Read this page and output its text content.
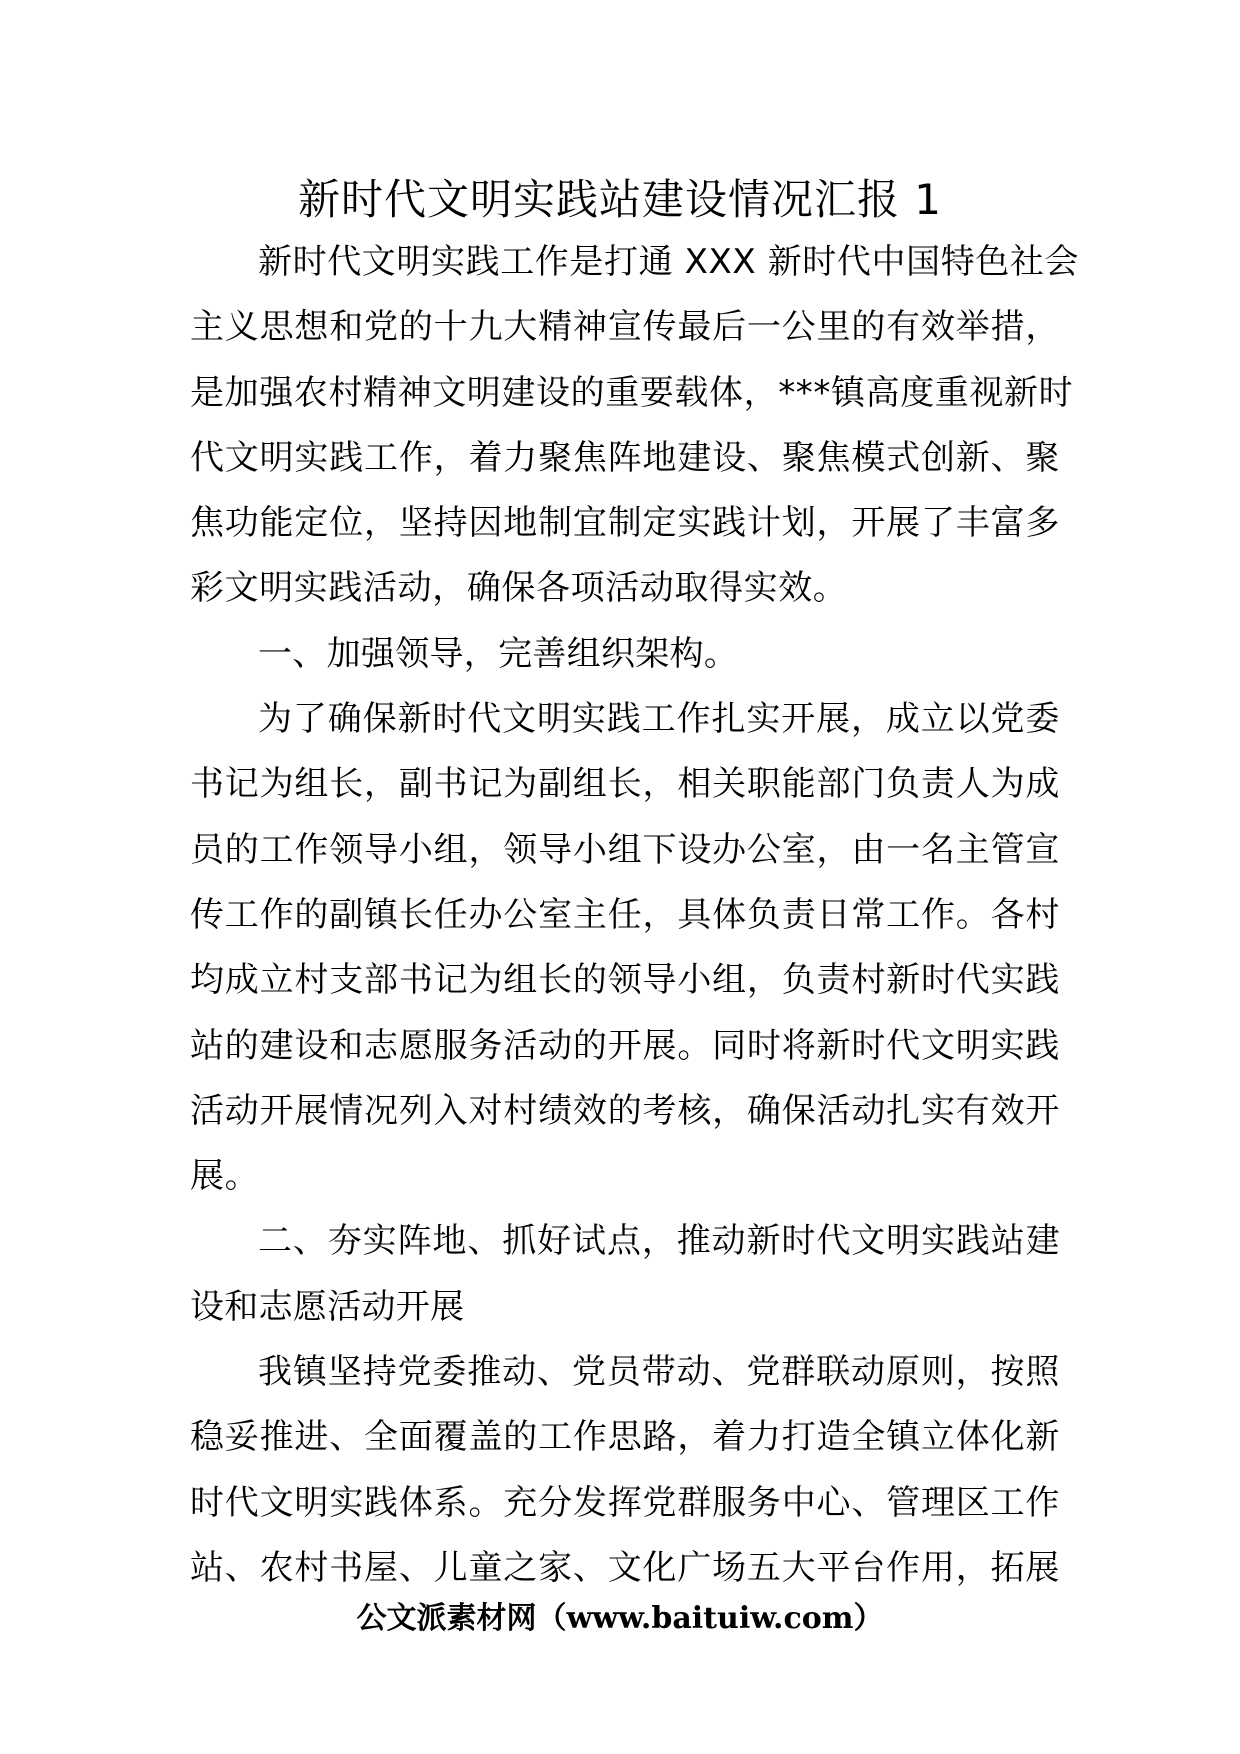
新时代文明实践站建设情况汇报 1
新时代文明实践工作是打通 XXX 新时代中国特色社会
主义思想和党的十九大精神宣传最后一公里的有效举措，
是加强农村精神文明建设的重要载体，***镇高度重视新时
代文明实践工作，着力聚焦阵地建设、聚焦模式创新、聚
焦功能定位，坚持因地制宜制定实践计划，开展了丰富多
彩文明实践活动，确保各项活动取得实效。
一、加强领导，完善组织架构。
为了确保新时代文明实践工作扎实开展，成立以党委
书记为组长，副书记为副组长，相关职能部门负责人为成
员的工作领导小组，领导小组下设办公室，由一名主管宣
传工作的副镇长任办公室主任，具体负责日常工作。各村
均成立村支部书记为组长的领导小组，负责村新时代实践
站的建设和志愿服务活动的开展。同时将新时代文明实践
活动开展情况列入对村绩效的考核，确保活动扎实有效开
展。
二、夯实阵地、抓好试点，推动新时代文明实践站建
设和志愿活动开展
我镇坚持党委推动、党员带动、党群联动原则，按照
稳妥推进、全面覆盖的工作思路，着力打造全镇立体化新
时代文明实践体系。充分发挥党群服务中心、管理区工作
站、农村书屋、儿童之家、文化广场五大平台作用，拓展
公文派素材网（www.baituiw.com）
